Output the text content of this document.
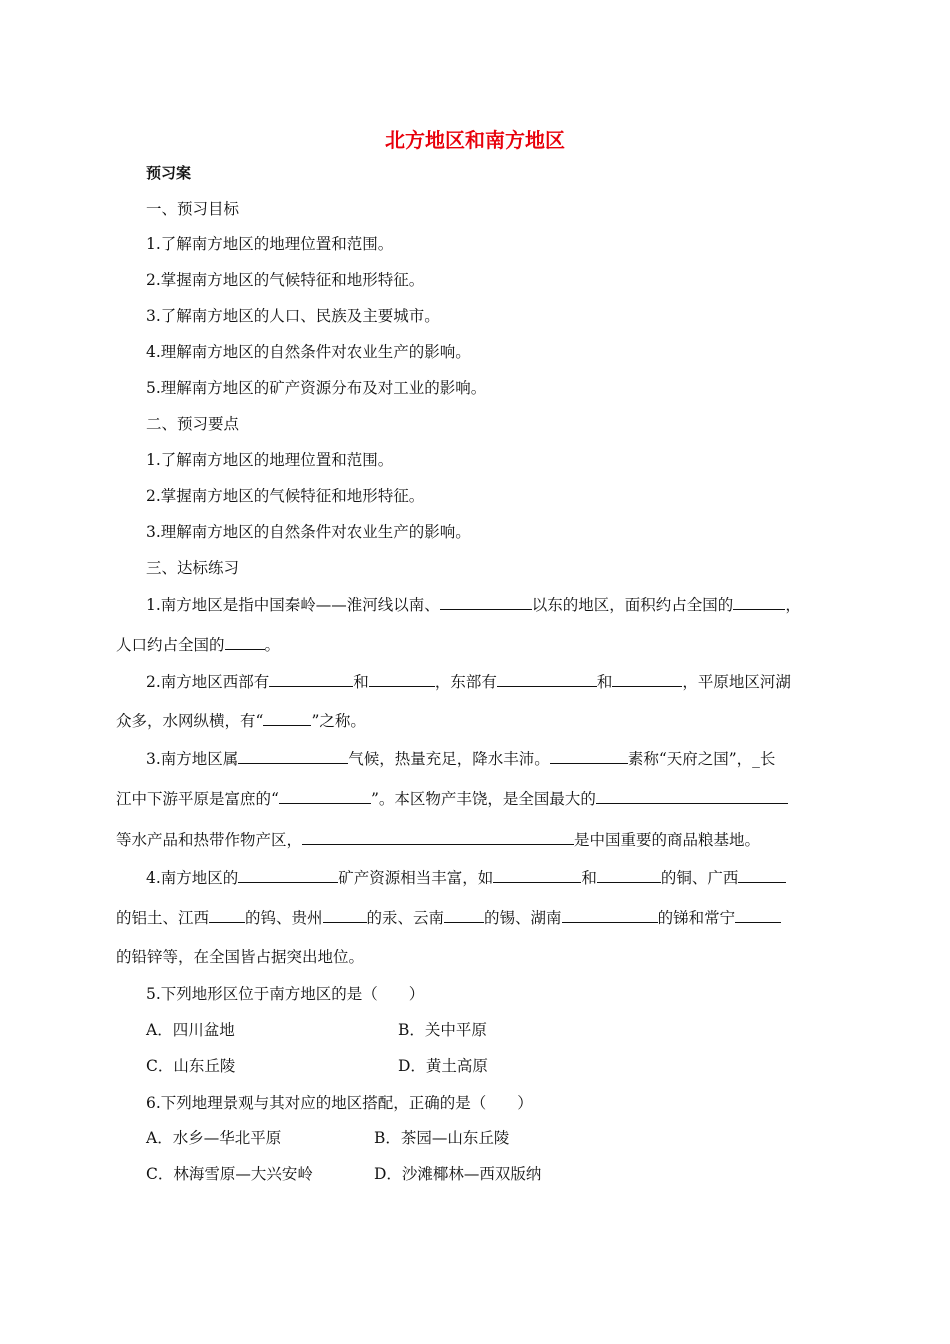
北方地区和南方地区
预习案
一、预习目标
1.了解南方地区的地理位置和范围。
2.掌握南方地区的气候特征和地形特征。
3.了解南方地区的人口、民族及主要城市。
4.理解南方地区的自然条件对农业生产的影响。
5.理解南方地区的矿产资源分布及对工业的影响。
二、预习要点
1.了解南方地区的地理位置和范围。
2.掌握南方地区的气候特征和地形特征。
3.理解南方地区的自然条件对农业生产的影响。
三、达标练习
1.南方地区是指中国秦岭——淮河线以南、	以东的地区，面积约占全国的	，
人口约占全国的	。
2.南方地区西部有	和	，东部有	和	，平原地区河湖
众多，水网纵横，有“	”之称。
3.南方地区属	气候，热量充足，降水丰沛。	素称“天府之国”，_长
江中下游平原是富庶的“	”。本区物产丰饶，是全国最大的
等水产品和热带作物产区，	是中国重要的商品粮基地。
4.南方地区的	矿产资源相当丰富，如	和	的铜、广西
的铝土、江西 的钨、贵州	的汞、云南	的锡、湖南	的锑和常宁
的铅锌等，在全国皆占据突出地位。
5.下列地形区位于南方地区的是（　　）
A．四川盆地	B．关中平原
C．山东丘陵	D．黄土高原
6.下列地理景观与其对应的地区搭配，正确的是（　　）
A．水乡—华北平原	B．茶园—山东丘陵
C．林海雪原—大兴安岭	D．沙滩椰林—西双版纳
